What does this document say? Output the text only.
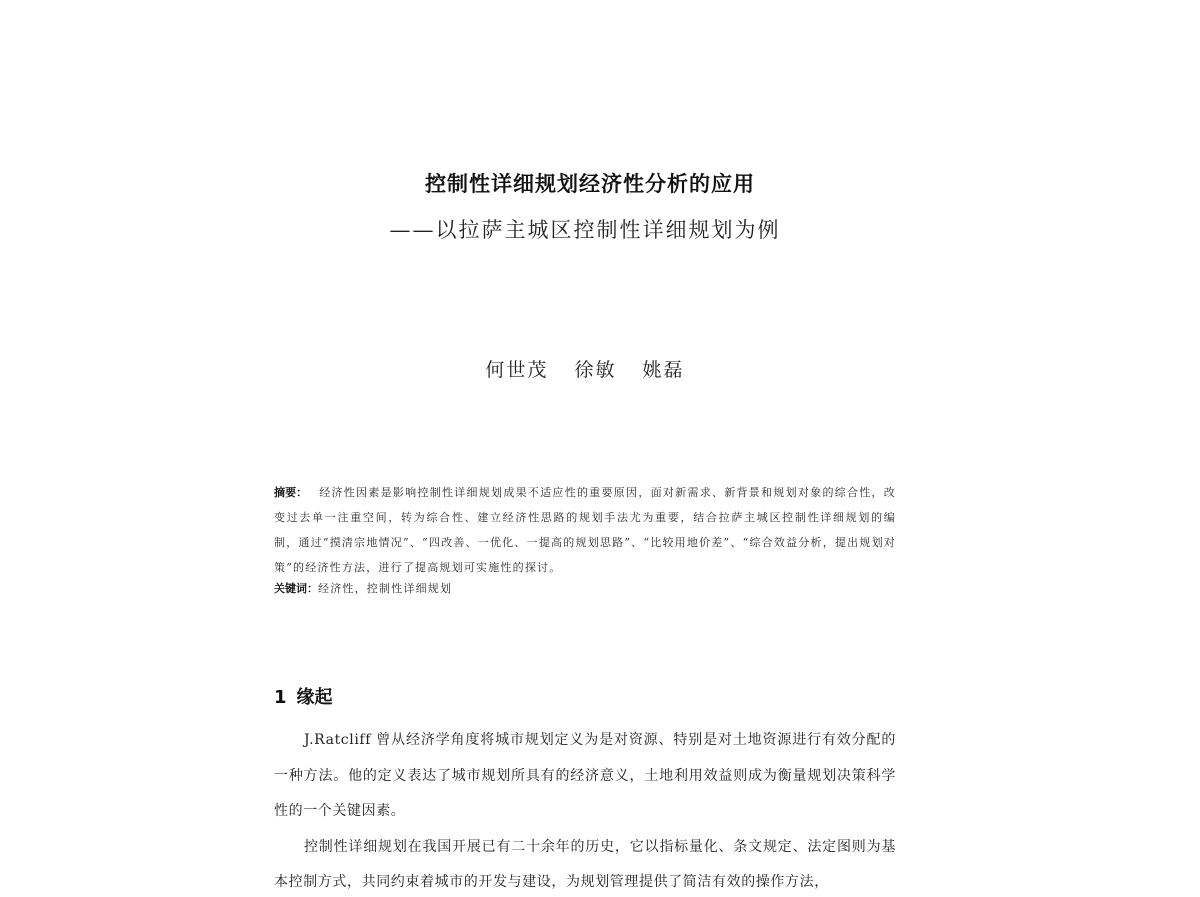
控制性详细规划经济性分析的应用
——以拉萨主城区控制性详细规划为例
何世茂 徐敏 姚磊
摘要： 经济性因素是影响控制性详细规划成果不适应性的重要原因，面对新需求、新背景和规划对象的综合性，改变过去单一注重空间，转为综合性、建立经济性思路的规划手法尤为重要，结合拉萨主城区控制性详细规划的编制，通过“摸清宗地情况”、“四改善、一优化、一提高的规划思路”、“比较用地价差”、“综合效益分析，提出规划对策”的经济性方法，进行了提高规划可实施性的探讨。
关键词：经济性，控制性详细规划
1 缘起

J.Ratcliff 曾从经济学角度将城市规划定义为是对资源、特别是对土地资源进行有效分配的一种方法。他的定义表达了城市规划所具有的经济意义，土地利用效益则成为衡量规划决策科学性的一个关键因素。

控制性详细规划在我国开展已有二十余年的历史，它以指标量化、条文规定、法定图则为基本控制方式，共同约束着城市的开发与建设，为规划管理提供了简洁有效的操作方法，
